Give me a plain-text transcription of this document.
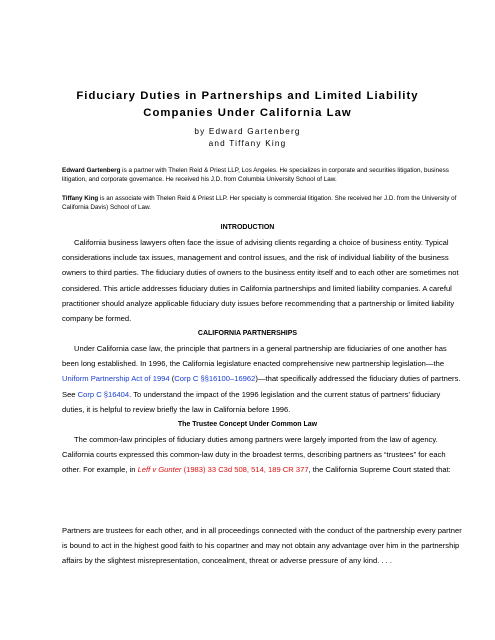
Fiduciary Duties in Partnerships and Limited Liability
Companies Under California Law
by Edward Gartenberg
and Tiffany King
Edward Gartenberg is a partner with Thelen Reid & Priest LLP, Los Angeles. He specializes in corporate and securities litigation, business litigation, and corporate governance. He received his J.D. from Columbia University School of Law.
Tiffany King is an associate with Thelen Reid & Priest LLP. Her specialty is commercial litigation. She received her J.D. from the University of California Davis) School of Law.
INTRODUCTION
California business lawyers often face the issue of advising clients regarding a choice of business entity. Typical considerations include tax issues, management and control issues, and the risk of individual liability of the business owners to third parties. The fiduciary duties of owners to the business entity itself and to each other are sometimes not considered. This article addresses fiduciary duties in California partnerships and limited liability companies. A careful practitioner should analyze applicable fiduciary duty issues before recommending that a partnership or limited liability company be formed.
CALIFORNIA PARTNERSHIPS
Under California case law, the principle that partners in a general partnership are fiduciaries of one another has been long established. In 1996, the California legislature enacted comprehensive new partnership legislation—the Uniform Partnership Act of 1994 (Corp C §§16100–16962)—that specifically addressed the fiduciary duties of partners. See Corp C §16404. To understand the impact of the 1996 legislation and the current status of partners' fiduciary duties, it is helpful to review briefly the law in California before 1996.
The Trustee Concept Under Common Law
The common-law principles of fiduciary duties among partners were largely imported from the law of agency. California courts expressed this common-law duty in the broadest terms, describing partners as “trustees” for each other. For example, in Leff v Gunter (1983) 33 C3d 508, 514, 189 CR 377, the California Supreme Court stated that:
Partners are trustees for each other, and in all proceedings connected with the conduct of the partnership every partner is bound to act in the highest good faith to his copartner and may not obtain any advantage over him in the partnership affairs by the slightest misrepresentation, concealment, threat or adverse pressure of any kind. . . .
